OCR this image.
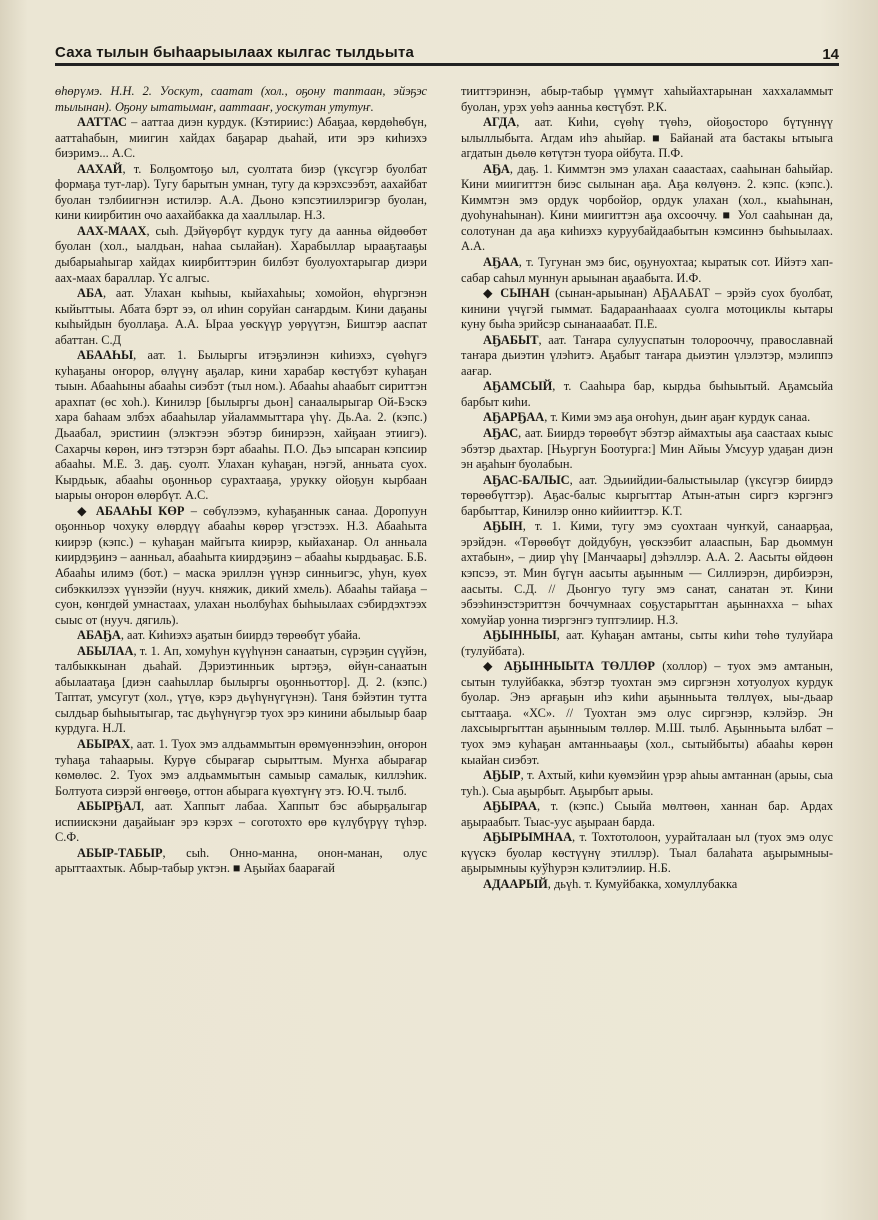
Саха тылын быһаарыылаах кылгас тылдьыта	14

өһөрүмэ. Н.Н. 2. Уоскут, саатат (хол., оҕону таптаан, эйэҕэс тылынан). Оҕону ытатымаҥ, ааттааҥ, уоскутан утутуҥ.

ААТТАС – ааттаа диэн курдук. (Кэтириис:) Абаҕаа, көрдөһөбүн, ааттаһабын, миигин хайдах баҕарар дьаһай, ити эрэ киһиэхэ биэримэ... А.С.

ААХАЙ, т. Болҕомтоҕо ыл, суолтата биэр (үксүгэр буолбат формаҕа тут-лар). Тугу барытын умнан, тугу да кэрэхсээбэт, аахайбат буолан тэлбиигнэн истилэр. А.А. Дьоно кэпсэтиилэригэр буолан, кини киирбитин очо аахайбакка да хааллылар. Н.З.

ААХ-МААХ, сыһ. Дэйүөрбүт курдук тугу да аанньа өйдөөбөт буолан (хол., ыалдьан, наһаа сылайан). Харабыллар ырааҕтааҕы дыбарыаһыгар хайдах киирбиттэрин билбэт буолуохтарыгар диэри аах-маах бараллар. Үс алгыс.

АБА, аат. Улахан кыһыы, кыйахаһыы; хомойон, өһүргэнэн кыйыттыы. Абата бэрт ээ, ол иһин соруйан саҥардым. Кини даҕаны кыһыйдын буоллаҕа. А.А. Ыраа уөскүүр уөрүүтэн, Биштэр ааспат абаттан. С.Д

АБААҺЫ, аат. 1. Былыргы итэҕэлинэн киһиэхэ, сүөһүгэ куһаҕаны оҥорор, өлүүнү аҕалар, кини харабар көстүбэт куһаҕан тыын. Абааһыны абааһы сиэбэт (тыл ном.). Абааһы аһаабыт сириттэн арахпат (өс хоһ.). Кинилэр [былыргы дьон] санаалырыгар Ой-Бэскэ хара баһаам элбэх абааһылар уйаламмыттара үһү. Дь.Аа. 2. (кэпс.) Дьаабал, эристиин (элэктээн эбэтэр бинирээн, хайҕаан этиигэ). Сахарчы көрөн, иҥэ тэтэрэн бэрт абааһы. П.О. Дьэ ыпсаран кэпсиир абааһы. М.Е. 3. даҕ. суолт. Улахан куһаҕан, нэгэй, анньата суох. Кырдьык, абааһы оҕонньор сурахтааҕа, урукку ойоҕун кырбаан ыарыы оҥорон өлөрбүт. А.С.

◆ АБААҺЫ КӨР – сөбүлээмэ, куһаҕаннык санаа. Доропуун оҕонньор чохуку өлөрдүү абааһы көрөр үгэстээх. Н.З. Абааһыта киирэр (кэпс.) – куһаҕан майгыта киирэр, кыйаханар. Ол анньала киирдэҕинэ – аанньал, абааһыта киирдэҕинэ – абааһы кырдьаҕас. Б.Б. Абааһы илимэ (бот.) – маска эриллэн үүнэр синньигэс, уһун, куөх сибэккилээх үүнээйи (нууч. княжик, дикий хмель). Абааһы тайаҕа – суон, көнгдөй умнастаах, улахан ньолбуһах быһыылаах сэбирдэхтээх сыыс от (нууч. дягиль).

АБАҔА, аат. Киһиэхэ аҕатын биирдэ төрөөбүт убайа.

АБЫЛАА, т. 1. Ап, хомуһун күүһүнэн санаатын, сүрэҕин сүүйэн, талбыккынан дьаһай. Дэриэтинньик ыртэҕэ, өйүн-санаатын абылаатаҕа [диэн сааһыллар былыргы оҕонньоттор]. Д. 2. (кэпс.) Таптат, умсугут (хол., үтүө, кэрэ дьүһүнүгүнэн). Таня бэйэтин тутта сылдьар быһыытыгар, тас дьүһүнүгэр туох эрэ кинини абылыыр баар курдуга. Н.Л.

АБЫРАХ, аат. 1. Туох эмэ алдьаммытын өрөмүөннээһин, оҥорон туһаҕа таһаарыы. Курүө сбырағар сырыттым. Муҥха абырағар көмөлөс. 2. Туох эмэ алдьаммытын самыыр самалык, киллэһик. Болтуота сиэрэй өнгөөҕө, оттон абырага күөхтүҥү этэ. Ю.Ч. тылб.

АБЫРҔАЛ, аат. Хаппыт лабаа. Хаппыт бэс абырҕалыгар испиискэни даҕайыаҥ эрэ кэрэх – соготохто өрө күлүбүрүү түһэр. С.Ф.

АБЫР-ТАБЫР, сыһ. Онно-манна, онон-манан, олус арыттаахтык. Абыр-табыр уктэн. ■ Аҕыйах баарағай

тииттэринэн, абыр-табыр үүммүт хаһыйахтарынан хаххаламмыт буолан, урэх уөһэ аанньа көстүбэт. Р.К.

АГДА, аат. Киһи, сүөһү түөһэ, ойоҕосторо бүтүннүү ылыллыбыта. Агдам иһэ аһыйар. ■ Байанай ата бастакы ытыыга агдатын дьөлө көтүтэн туора ойбута. П.Ф.

АҔА, даҕ. 1. Киммтэн эмэ улахан сааастаах, сааһынан баһыйар. Кини миигиттэн биэс сылынан аҕа. Аҕа көлүөнэ. 2. кэпс. (кэпс.). Киммтэн эмэ ордук чорбойор, ордук улахан (хол., кыаһынан, дуоһунаһынан). Кини миигиттэн аҕа охсооччу. ■ Уол сааһынан да, солотунан да аҕа киһиэхэ куруубайдаабытын кэмсиннэ быһыылаах. А.А.

АҔАА, т. Тугунан эмэ бис, оҕунуохтаа; кыратык сот. Ийэтэ хап-сабар саһыл муннун арыынан аҕаабыта. И.Ф.

◆ СЫНАН (сынан-арыынан) АҔААБАТ – эрэйэ суох буолбат, кинини үчүгэй гыммат. Бадараанһааах суолга мотоциклы кытары куну быһа эрийсэр сынанааабат. П.Е.

АҔАБЫТ, аат. Таҥара сулууспатын толорооччу, православнай таҥара дьиэтин үлэһитэ. Аҕабыт таҥара дьиэтин үлэлэтэр, мэлиппэ аағар.

АҔАМСЫЙ, т. Сааһыра бар, кырдьа быһыытый. Аҕамсыйа барбыт киһи.

АҔАРҔАА, т. Кими эмэ аҕа оҥоһун, дьиҥ аҕаҥ курдук санаа.

АҔАС, аат. Биирдэ төрөөбүт эбэтэр аймахтыы аҕа саастаах кыыс эбэтэр дьахтар. [Ньургун Боотурга:] Мин Айыы Умсуур удаҕан диэн эн аҕаһыҥ буолабын.

АҔАС-БАЛЫС, аат. Эдьиийдии-балыстыылар (үксүгэр биирдэ төрөөбүттэр). Аҕас-балыс кыргыттар Атын-атын сиргэ кэргэнгэ барбыттар, Кинилэр онно кийииттэр. К.Т.

АҔЫН, т. 1. Кими, тугу эмэ суохтаан чуҥкуй, санаарҕаа, эрэйдэн. «Төрөөбүт дойдубун, үөскээбит алааспын, Бар дьоммун ахтабын», – диир үһү [Манчаары] дэһэллэр. А.А. 2. Аасыты өйдөөн кэпсээ, эт. Мин бүгүн аасыты аҕынным — Силлиэрэн, дирбиэрэн, аасыты. С.Д. // Дьонгуо тугу эмэ санат, санатан эт. Кини эбээһинэстэриттэн боччумнаах соҕустарыттан аҕыннахха – ыһах хомуйар уонна тиэргэнгэ туптэлиир. Н.З.

АҔЫННЫЫ, аат. Куһаҕан амтаны, сыты киһи төһө тулуйара (тулуйбата).

◆ АҔЫННЫЫТА ТӨЛЛӨР (холлор) – туох эмэ амтанын, сытын тулуйбакка, эбэтэр туохтан эмэ сиргэнэн хотуолуох курдук буолар. Энэ арғаҕын иһэ киһи аҕынньыта төллүөх, ыы-дьаар сыттааҕа. «ХС». // Туохтан эмэ олус сиргэнэр, кэлэйэр. Эн лахсыыргыттан аҕынныым төллөр. М.Ш. тылб. Аҕынньыта ылбат – туох эмэ куһаҕан амтанньааҕы (хол., сытыйбыты) абааһы көрөн кыайан сиэбэт.

АҔЫР, т. Ахтый, киһи куөмэйин үрэр аһыы амтаннан (арыы, сыа туһ.). Сыа аҕырбыт. Аҕырбыт арыы.

АҔЫРАА, т. (кэпс.) Сыыйа мөлтөөн, ханнан бар. Ардах аҕыраабыт. Тыас-уус аҕыраан барда.

АҔЫРЫМНАА, т. Тохтотолоон, уурайталаан ыл (туох эмэ олус күүскэ буолар көстүүнү этиллэр). Тыал балаһата аҕырымныы-аҕырымныы куўһурэн кэлитэлиир. Н.Б.

АДААРЫЙ, дьүһ. т. Кумуйбакка, хомуллубакка
